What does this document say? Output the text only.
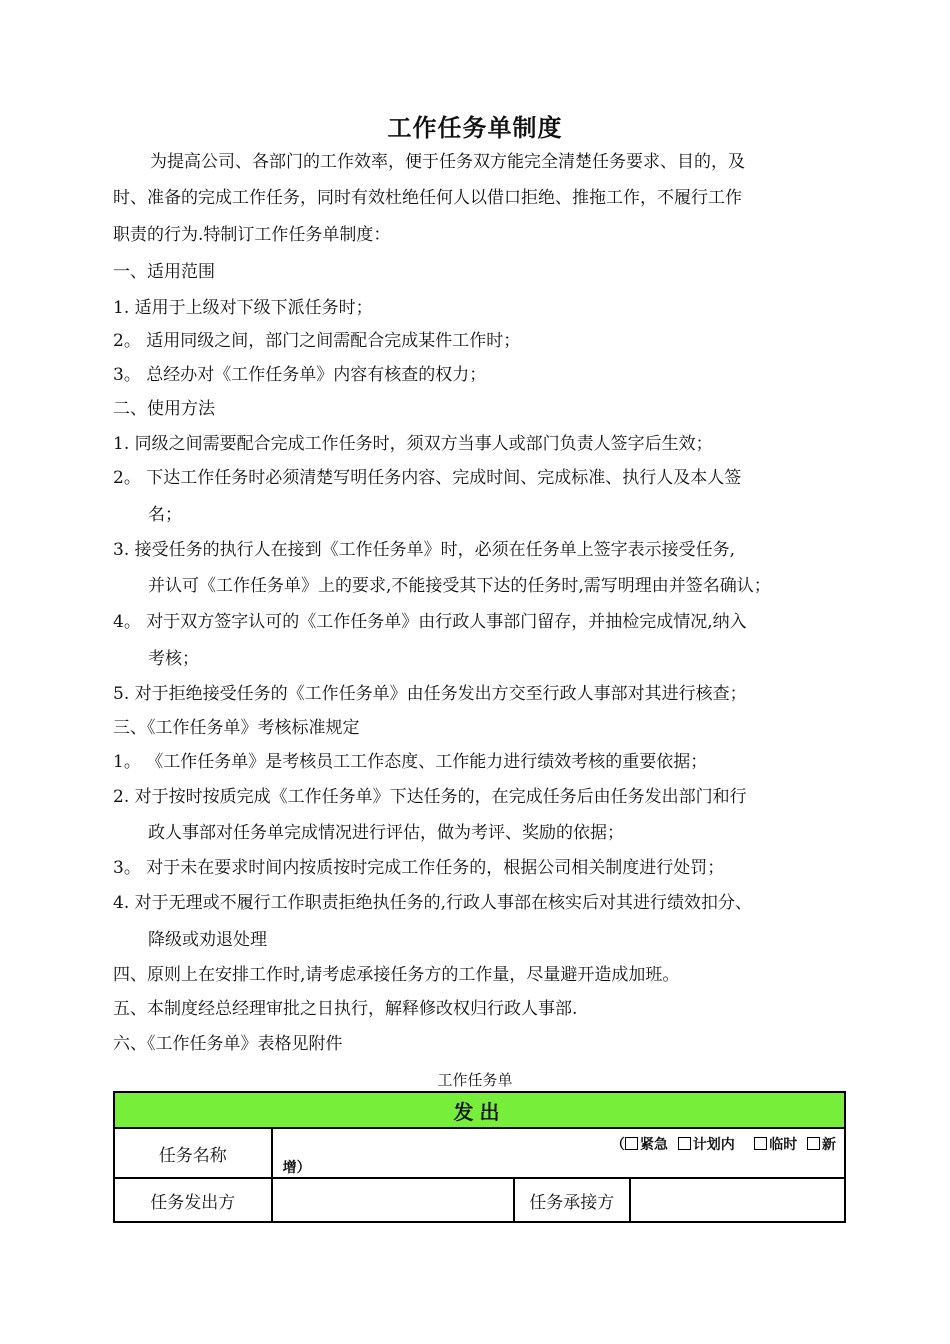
工作任务单制度
为提高公司、各部门的工作效率，便于任务双方能完全清楚任务要求、目的，及
时、准备的完成工作任务，同时有效杜绝任何人以借口拒绝、推拖工作，不履行工作
职责的行为.特制订工作任务单制度：
一、适用范围
1. 适用于上级对下级下派任务时；
2。 适用同级之间，部门之间需配合完成某件工作时；
3。 总经办对《工作任务单》内容有核查的权力；
二、使用方法
1. 同级之间需要配合完成工作任务时，须双方当事人或部门负责人签字后生效；
2。 下达工作任务时必须清楚写明任务内容、完成时间、完成标准、执行人及本人签
名；
3. 接受任务的执行人在接到《工作任务单》时，必须在任务单上签字表示接受任务,
并认可《工作任务单》上的要求,不能接受其下达的任务时,需写明理由并签名确认；
4。 对于双方签字认可的《工作任务单》由行政人事部门留存，并抽检完成情况,纳入
考核；
5. 对于拒绝接受任务的《工作任务单》由任务发出方交至行政人事部对其进行核查；
三、《工作任务单》考核标准规定
1。 《工作任务单》是考核员工工作态度、工作能力进行绩效考核的重要依据；
2. 对于按时按质完成《工作任务单》下达任务的，在完成任务后由任务发出部门和行
政人事部对任务单完成情况进行评估，做为考评、奖励的依据；
3。 对于未在要求时间内按质按时完成工作任务的，根据公司相关制度进行处罚；
4. 对于无理或不履行工作职责拒绝执任务的,行政人事部在核实后对其进行绩效扣分、
降级或劝退处理
四、原则上在安排工作时,请考虑承接任务方的工作量，尽量避开造成加班。
五、本制度经总经理审批之日执行，解释修改权归行政人事部.
六、《工作任务单》表格见附件
工作任务单
发出			
任务名称	（ 紧急 计划内 临时 新
增）		

任务发出方		任务承接方	
